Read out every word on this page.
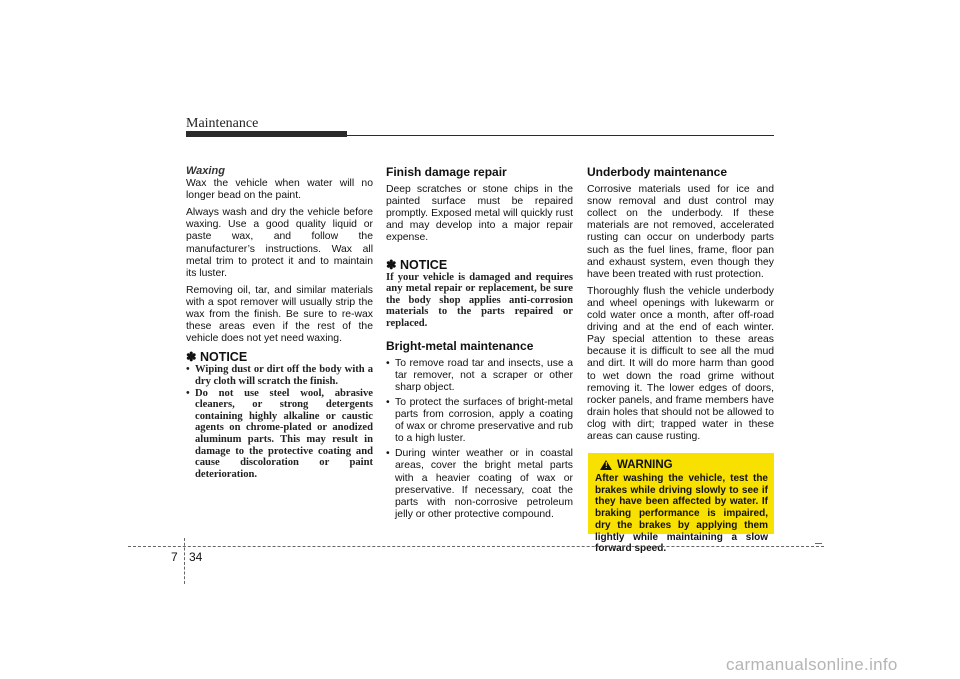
Maintenance
Waxing

Wax the vehicle when water will no longer bead on the paint.

Always wash and dry the vehicle before waxing. Use a good quality liquid or paste wax, and follow the manufacturer’s instructions. Wax all metal trim to protect it and to maintain its luster.

Removing oil, tar, and similar materials with a spot remover will usually strip the wax from the finish. Be sure to re-wax these areas even if the rest of the vehicle does not yet need waxing.

✽ NOTICE
• Wiping dust or dirt off the body with a dry cloth will scratch the finish.
• Do not use steel wool, abrasive cleaners, or strong detergents containing highly alkaline or caustic agents on chrome-plated or anodized aluminum parts. This may result in damage to the protective coating and cause discoloration or paint deterioration.
Finish damage repair

Deep scratches or stone chips in the painted surface must be repaired promptly. Exposed metal will quickly rust and may develop into a major repair expense.

✽ NOTICE
If your vehicle is damaged and requires any metal repair or replacement, be sure the body shop applies anti-corrosion materials to the parts repaired or replaced.
Bright-metal maintenance
• To remove road tar and insects, use a tar remover, not a scraper or other sharp object.
• To protect the surfaces of bright-metal parts from corrosion, apply a coating of wax or chrome preservative and rub to a high luster.
• During winter weather or in coastal areas, cover the bright metal parts with a heavier coating of wax or preservative. If necessary, coat the parts with non-corrosive petroleum jelly or other protective compound.
Underbody maintenance

Corrosive materials used for ice and snow removal and dust control may collect on the underbody. If these materials are not removed, accelerated rusting can occur on underbody parts such as the fuel lines, frame, floor pan and exhaust system, even though they have been treated with rust protection.

Thoroughly flush the vehicle underbody and wheel openings with lukewarm or cold water once a month, after off-road driving and at the end of each winter. Pay special attention to these areas because it is difficult to see all the mud and dirt. It will do more harm than good to wet down the road grime without removing it. The lower edges of doors, rocker panels, and frame members have drain holes that should not be allowed to clog with dirt; trapped water in these areas can cause rusting.

! WARNING
After washing the vehicle, test the brakes while driving slowly to see if they have been affected by water. If braking performance is impaired, dry the brakes by applying them lightly while maintaining a slow forward speed.
7 34
carmanualsonline.info
